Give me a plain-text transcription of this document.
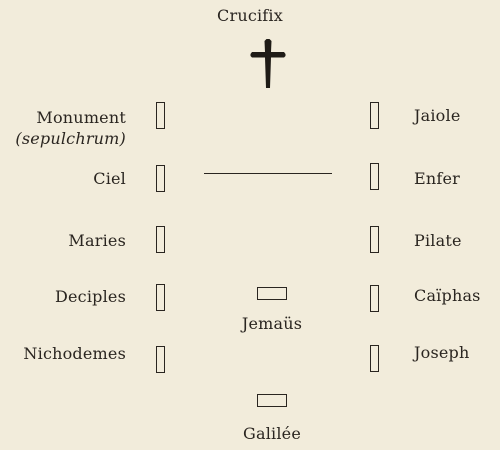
Crucifix
Monument
(sepulchrum)
Ciel
Maries
Deciples
Nichodemes
Jaiole
Enfer
Pilate
Caïphas
Joseph
Jemaüs
Galilée
